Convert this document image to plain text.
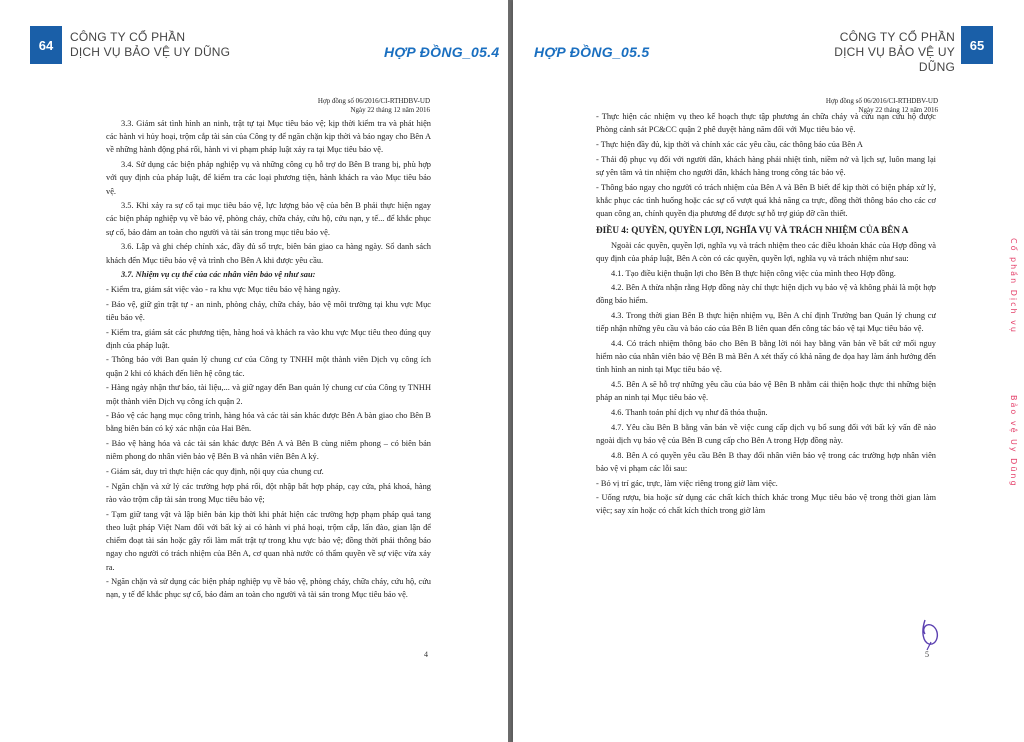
64
CÔNG TY CỔ PHẦN
DỊCH VỤ BẢO VỆ UY DŨNG	HỢP ĐỒNG_05.4
Hợp đồng số 06/2016/CI-RTHDBV-UD
Ngày 22 tháng 12 năm 2016

3.3. Giám sát tình hình an ninh, trật tự tại Mục tiêu bảo vệ; kịp thời kiểm tra và phát hiện các hành vi hủy hoại, trộm cắp tài sản của Công ty để ngăn chặn kịp thời và báo ngay cho Bên A về những hành động phá rối, hành vi vi phạm pháp luật xảy ra tại Mục tiêu bảo vệ.

3.4. Sử dụng các biện pháp nghiệp vụ và những công cụ hỗ trợ do Bên B trang bị, phù hợp với quy định của pháp luật, để kiểm tra các loại phương tiện, hành khách ra vào Mục tiêu bảo vệ.

3.5. Khi xảy ra sự cố tại mục tiêu bảo vệ, lực lượng bảo vệ của bên B phải thực hiện ngay các biện pháp nghiệp vụ về bảo vệ, phòng cháy, chữa cháy, cứu hộ, cứu nạn, y tế... để khắc phục sự cố, bảo đảm an toàn cho người và tài sản trong mục tiêu bảo vệ.

3.6. Lập và ghi chép chính xác, đầy đủ sổ trực, biên bản giao ca hàng ngày. Sổ danh sách khách đến Mục tiêu bảo vệ và trình cho Bên A khi được yêu cầu.

3.7. Nhiệm vụ cụ thể của các nhân viên bảo vệ như sau:

- Kiểm tra, giám sát việc vào - ra khu vực Mục tiêu bảo vệ hàng ngày.

- Bảo vệ, giữ gìn trật tự - an ninh, phòng cháy, chữa cháy, bảo vệ môi trường tại khu vực Mục tiêu bảo vệ.

- Kiểm tra, giám sát các phương tiện, hàng hoá và khách ra vào khu vực Mục tiêu theo đúng quy định của pháp luật.

- Thông báo với Ban quản lý chung cư của Công ty TNHH một thành viên Dịch vụ công ích quận 2 khi có khách đến liên hệ công tác.

- Hàng ngày nhận thư báo, tài liệu,... và giữ ngay đến Ban quản lý chung cư của Công ty TNHH một thành viên Dịch vụ công ích quận 2.

- Bảo vệ các hạng mục công trình, hàng hóa và các tài sản khác được Bên A bàn giao cho Bên B bằng biên bản có ký xác nhận của Hai Bên.

- Bảo vệ hàng hóa và các tài sản khác được Bên A và Bên B cùng niêm phong – có biên bản niêm phong do nhân viên bảo vệ Bên B và nhân viên Bên A ký.

- Giám sát, duy trì thực hiện các quy định, nội quy của chung cư.

- Ngăn chặn và xử lý các trường hợp phá rối, đột nhập bất hợp pháp, cạy cửa, phá khoá, hàng rào vào trộm cắp tài sản trong Mục tiêu bảo vệ;

- Tạm giữ tang vật và lập biên bản kịp thời khi phát hiện các trường hợp phạm pháp quả tang theo luật pháp Việt Nam đối với bất kỳ ai có hành vi phá hoại, trộm cắp, lấn đào, gian lận để chiếm đoạt tài sản hoặc gây rối làm mất trật tự trong khu vực bảo vệ; đồng thời phải thông báo ngay cho người có trách nhiệm của Bên A, cơ quan nhà nước có thẩm quyền về sự việc vừa xảy ra.

- Ngăn chặn và sử dụng các biện pháp nghiệp vụ về bảo vệ, phòng cháy, chữa cháy, cứu hộ, cứu nạn, y tế để khắc phục sự cố, bảo đảm an toàn cho người và tài sản trong Mục tiêu bảo vệ.

4
HỢP ĐỒNG_05.5
CÔNG TY CỔ PHẦN
DỊCH VỤ BẢO VỆ UY DŨNG
65
Hợp đồng số 06/2016/CI-RTHDBV-UD
Ngày 22 tháng 12 năm 2016

- Thực hiện các nhiệm vụ theo kế hoạch thực tập phương án chữa cháy và cứu nạn cứu hộ được Phòng cảnh sát PC&CC quận 2 phê duyệt hàng năm đối với Mục tiêu bảo vệ.

- Thực hiện đầy đủ, kịp thời và chính xác các yêu cầu, các thông báo của Bên A

- Thái độ phục vụ đối với người dân, khách hàng phải nhiệt tình, niềm nở và lịch sự, luôn mang lại sự yên tâm và tin nhiệm cho người dân, khách hàng trong công tác bảo vệ.

- Thông báo ngay cho người có trách nhiệm của Bên A và Bên B biết để kịp thời có biện pháp xử lý, khắc phục các tình huống hoặc các sự cố vượt quá khả năng ca trực, đồng thời thông báo cho các cơ quan công an, chính quyền địa phương để được sự hỗ trợ giúp đỡ cần thiết.

ĐIỀU 4: QUYỀN, QUYỀN LỢI, NGHĨA VỤ VÀ TRÁCH NHIỆM CỦA BÊN A

Ngoài các quyền, quyền lợi, nghĩa vụ và trách nhiệm theo các điều khoản khác của Hợp đồng và quy định của pháp luật, Bên A còn có các quyền, quyền lợi, nghĩa vụ và trách nhiệm như sau:

4.1. Tạo điều kiện thuận lợi cho Bên B thực hiện công việc của mình theo Hợp đồng.

4.2. Bên A thừa nhận rằng Hợp đồng này chỉ thực hiện dịch vụ bảo vệ và không phải là một hợp đồng bảo hiểm.

4.3. Trong thời gian Bên B thực hiện nhiệm vụ, Bên A chỉ định Trưởng ban Quản lý chung cư tiếp nhận những yêu cầu và báo cáo của Bên B liên quan đến công tác bảo vệ tại Mục tiêu bảo vệ.

4.4. Có trách nhiệm thông báo cho Bên B bằng lời nói hay bằng văn bản về bất cứ mối nguy hiểm nào của nhân viên bảo vệ Bên B mà Bên A xét thấy có khả năng đe dọa hay làm ảnh hưởng đến tình hình an ninh tại Mục tiêu bảo vệ.

4.5. Bên A sẽ hỗ trợ những yêu cầu của bảo vệ Bên B nhằm cải thiện hoặc thực thi những biện pháp an ninh tại Mục tiêu bảo vệ.

4.6. Thanh toán phí dịch vụ như đã thỏa thuận.

4.7. Yêu cầu Bên B bằng văn bản về việc cung cấp dịch vụ bổ sung đối với bất kỳ vấn đề nào ngoài dịch vụ bảo vệ của Bên B cung cấp cho Bên A trong Hợp đồng này.

4.8. Bên A có quyền yêu cầu Bên B thay đổi nhân viên bảo vệ trong các trường hợp nhân viên bảo vệ vi phạm các lỗi sau:

- Bỏ vị trí gác, trực, làm việc riêng trong giờ làm việc.

- Uống rượu, bia hoặc sử dụng các chất kích thích khác trong Mục tiêu bảo vệ trong thời gian làm việc; say xỉn hoặc có chất kích thích trong giờ làm

5
Cổ phần Dịch vụ
Bảo vệ Uy Dũng
